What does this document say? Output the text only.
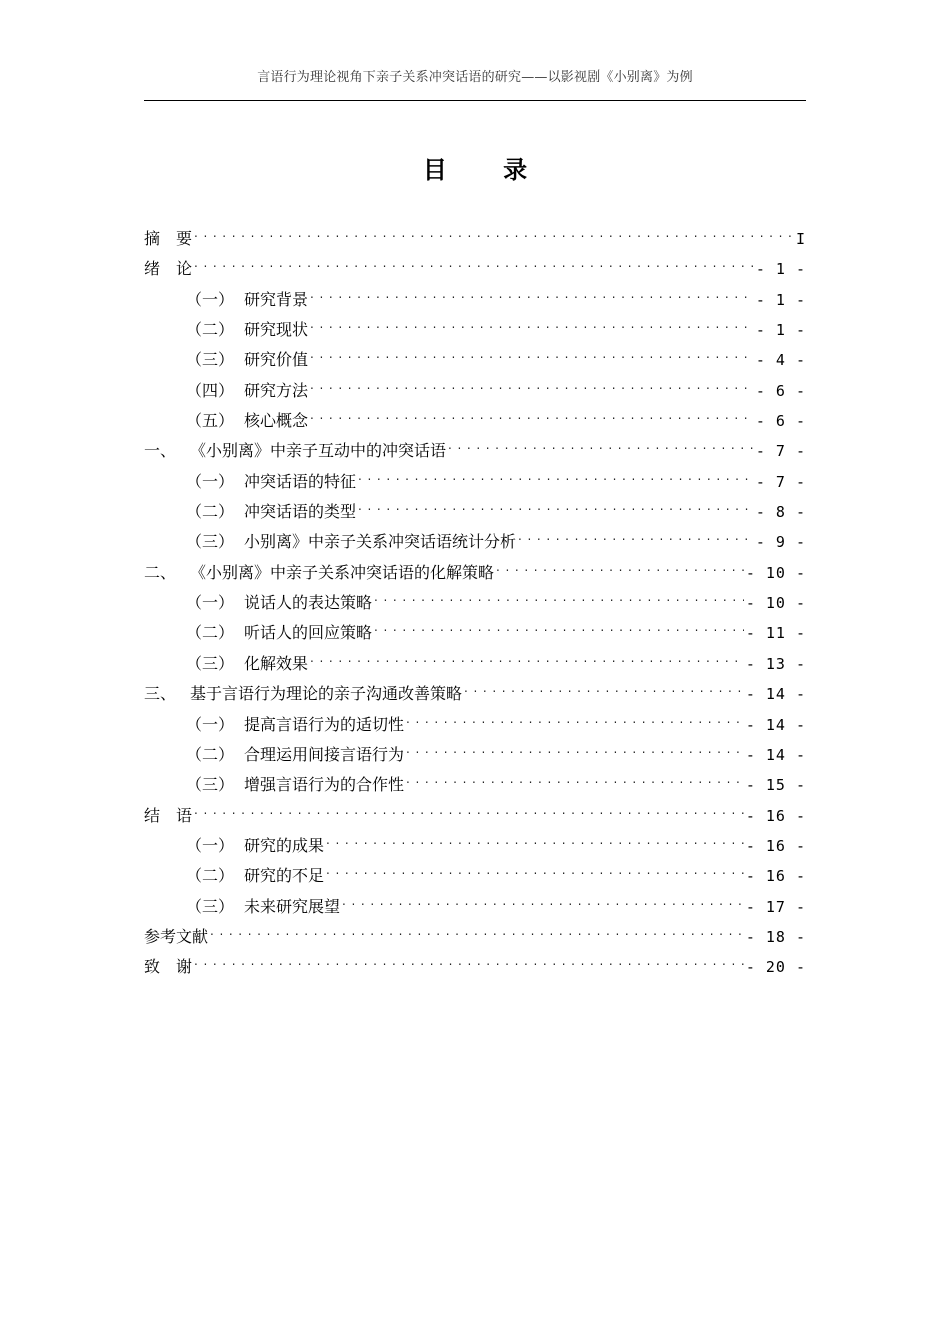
言语行为理论视角下亲子关系冲突话语的研究——以影视剧《小别离》为例
目 录
摘　要 . . .	I
绪　论 . . .	- 1 -
（一） 研究背景 . . .	- 1 -
（二） 研究现状 . . .	- 1 -
（三） 研究价值 . . .	- 4 -
（四） 研究方法 . . .	- 6 -
（五） 核心概念 . . .	- 6 -
一、 《小别离》中亲子互动中的冲突话语 . . .	- 7 -
（一） 冲突话语的特征 . . .	- 7 -
（二） 冲突话语的类型 . . .	- 8 -
（三） 小别离》中亲子关系冲突话语统计分析 . . .	- 9 -
二、 《小别离》中亲子关系冲突话语的化解策略 . . .	- 10 -
（一） 说话人的表达策略 . . .	- 10 -
（二） 听话人的回应策略 . . .	- 11 -
（三） 化解效果 . . .	- 13 -
三、 基于言语行为理论的亲子沟通改善策略 . . .	- 14 -
（一） 提高言语行为的适切性 . . .	- 14 -
（二） 合理运用间接言语行为 . . .	- 14 -
（三） 增强言语行为的合作性 . . .	- 15 -
结　语 . . .	- 16 -
（一） 研究的成果 . . .	- 16 -
（二） 研究的不足 . . .	- 16 -
（三） 未来研究展望 . . .	- 17 -
参考文献 . . .	- 18 -
致　谢 . . .	- 20 -
